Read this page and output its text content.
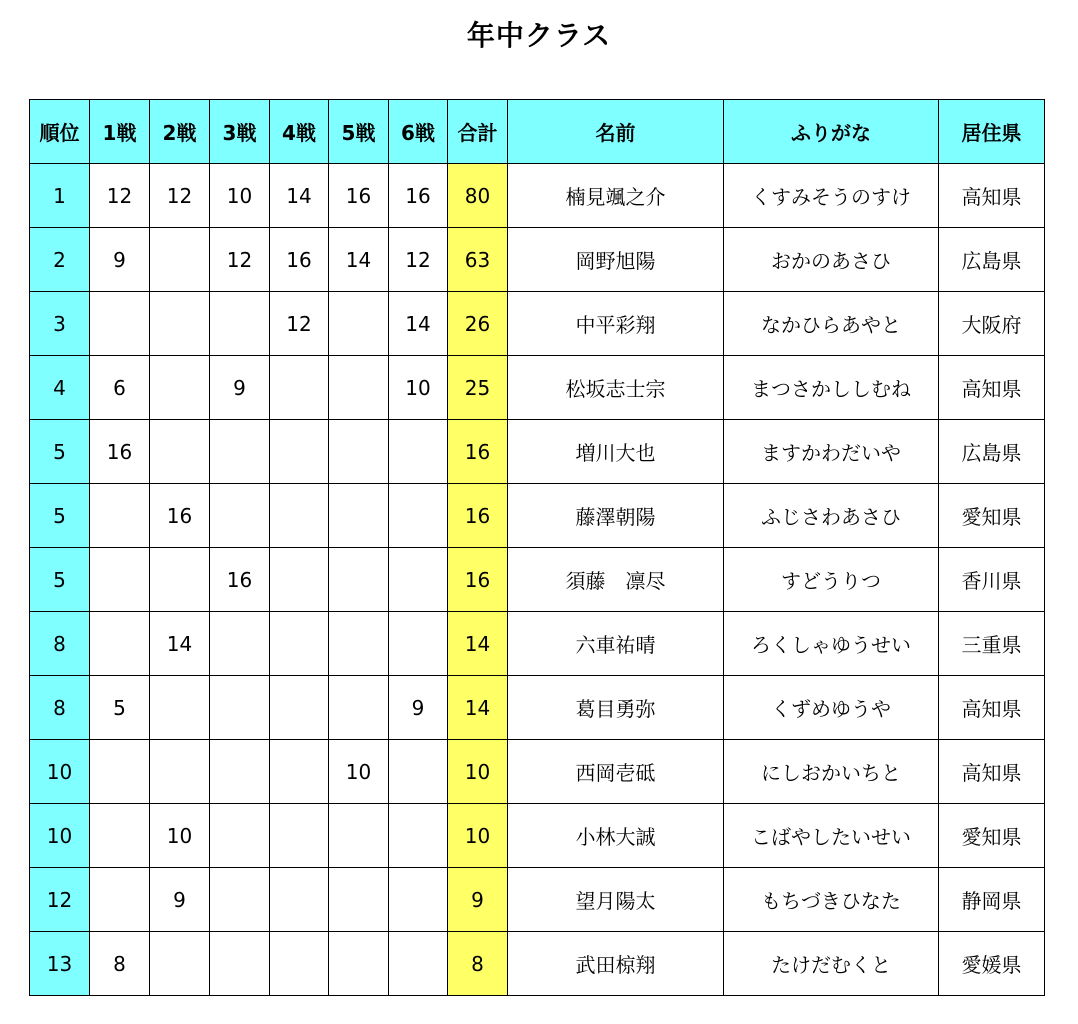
年中クラス
順位	1戦	2戦	3戦	4戦	5戦	6戦	合計	名前	ふりがな	居住県
1	12	12	10	14	16	16	80	楠見颯之介	くすみそうのすけ	高知県
2	9		12	16	14	12	63	岡野旭陽	おかのあさひ	広島県
3				12		14	26	中平彩翔	なかひらあやと	大阪府
4	6		9			10	25	松坂志士宗	まつさかししむね	高知県
5	16						16	増川大也	ますかわだいや	広島県
5		16					16	藤澤朝陽	ふじさわあさひ	愛知県
5			16				16	須藤　凛尽	すどうりつ	香川県
8		14					14	六車祐晴	ろくしゃゆうせい	三重県
8	5					9	14	葛目勇弥	くずめゆうや	高知県
10					10		10	西岡壱砥	にしおかいちと	高知県
10		10					10	小林大誠	こばやしたいせい	愛知県
12		9					9	望月陽太	もちづきひなた	静岡県
13	8						8	武田椋翔	たけだむくと	愛媛県
